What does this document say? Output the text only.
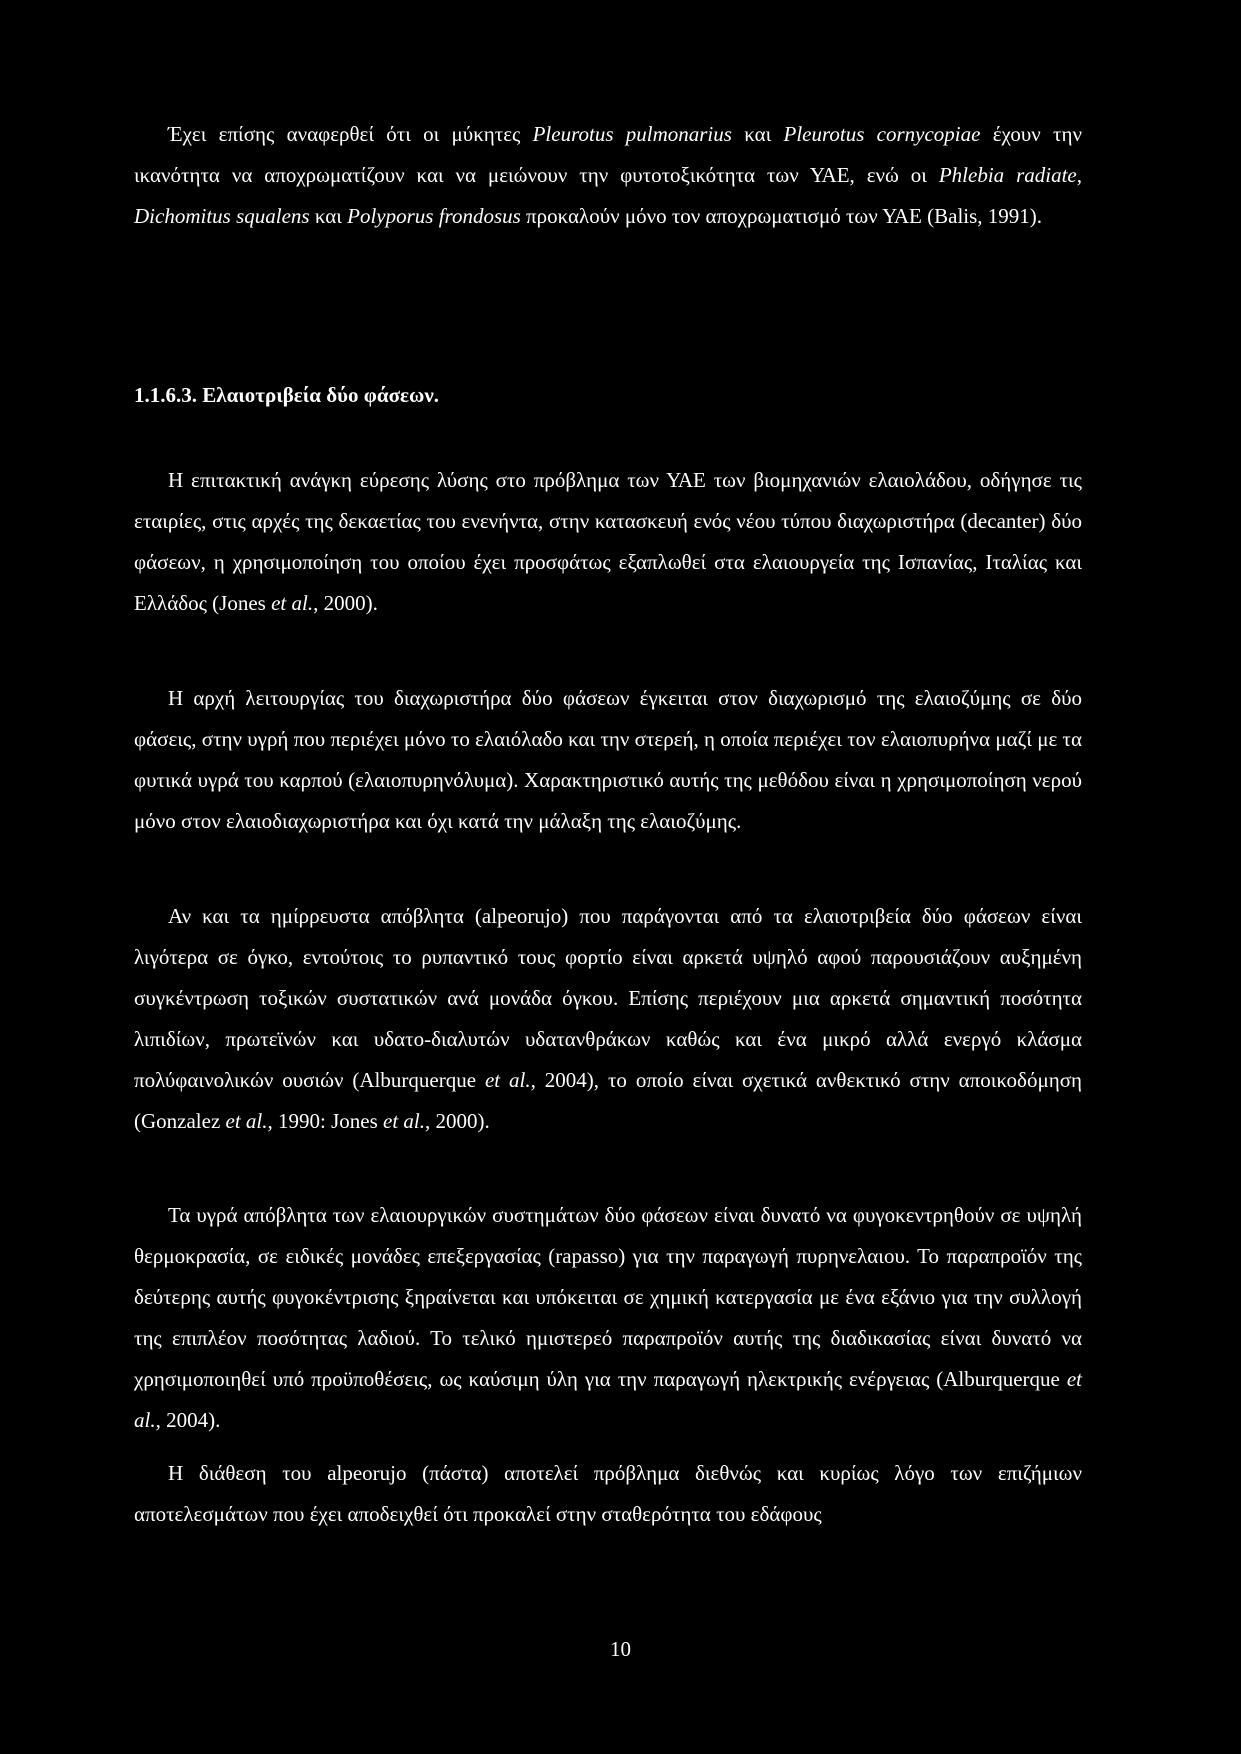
Έχει επίσης αναφερθεί ότι οι μύκητες Pleurotus pulmonarius και Pleurotus cornycopiae έχουν την ικανότητα να αποχρωματίζουν και να μειώνουν την φυτοτοξικότητα των ΥΑΕ, ενώ οι Phlebia radiate, Dichomitus squalens και Polyporus frondosus προκαλούν μόνο τον αποχρωματισμό των ΥΑΕ (Balis, 1991).

1.1.6.3. Ελαιοτριβεία δύο φάσεων.

Η επιτακτική ανάγκη εύρεσης λύσης στο πρόβλημα των ΥΑΕ των βιομηχανιών ελαιολάδου, οδήγησε τις εταιρίες, στις αρχές της δεκαετίας του ενενήντα, στην κατασκευή ενός νέου τύπου διαχωριστήρα (decanter) δύο φάσεων, η χρησιμοποίηση του οποίου έχει προσφάτως εξαπλωθεί στα ελαιουργεία της Ισπανίας, Ιταλίας και Ελλάδος (Jones et al., 2000).

Η αρχή λειτουργίας του διαχωριστήρα δύο φάσεων έγκειται στον διαχωρισμό της ελαιοζύμης σε δύο φάσεις, στην υγρή που περιέχει μόνο το ελαιόλαδο και την στερεή, η οποία περιέχει τον ελαιοπυρήνα μαζί με τα φυτικά υγρά του καρπού (ελαιοπυρηνόλυμα). Χαρακτηριστικό αυτής της μεθόδου είναι η χρησιμοποίηση νερού μόνο στον ελαιοδιαχωριστήρα και όχι κατά την μάλαξη της ελαιοζύμης.

Αν και τα ημίρρευστα απόβλητα (alpeorujo) που παράγονται από τα ελαιοτριβεία δύο φάσεων είναι λιγότερα σε όγκο, εντούτοις το ρυπαντικό τους φορτίο είναι αρκετά υψηλό αφού παρουσιάζουν αυξημένη συγκέντρωση τοξικών συστατικών ανά μονάδα όγκου. Επίσης περιέχουν μια αρκετά σημαντική ποσότητα λιπιδίων, πρωτεϊνών και υδατο-διαλυτών υδατανθράκων καθώς και ένα μικρό αλλά ενεργό κλάσμα πολύφαινολικών ουσιών (Alburquerque et al., 2004), το οποίο είναι σχετικά ανθεκτικό στην αποικοδόμηση (Gonzalez et al., 1990: Jones et al., 2000).

Τα υγρά απόβλητα των ελαιουργικών συστημάτων δύο φάσεων είναι δυνατό να φυγοκεντρηθούν σε υψηλή θερμοκρασία, σε ειδικές μονάδες επεξεργασίας (rapasso) για την παραγωγή πυρηνελαιου. Το παραπροϊόν της δεύτερης αυτής φυγοκέντρισης ξηραίνεται και υπόκειται σε χημική κατεργασία με ένα εξάνιο για την συλλογή της επιπλέον ποσότητας λαδιού. Το τελικό ημιστερεό παραπροϊόν αυτής της διαδικασίας είναι δυνατό να χρησιμοποιηθεί υπό προϋποθέσεις, ως καύσιμη ύλη για την παραγωγή ηλεκτρικής ενέργειας (Alburquerque et al., 2004).

Η διάθεση του alpeorujo (πάστα) αποτελεί πρόβλημα διεθνώς και κυρίως λόγο των επιζήμιων αποτελεσμάτων που έχει αποδειχθεί ότι προκαλεί στην σταθερότητα του εδάφους

10
